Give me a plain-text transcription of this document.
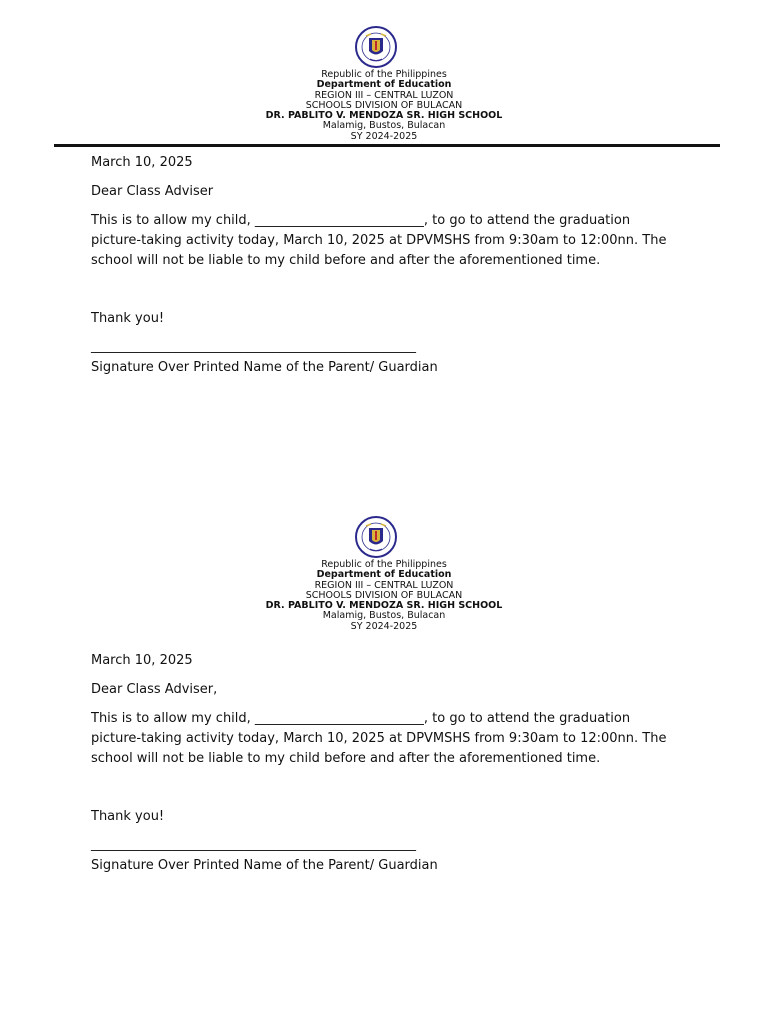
Republic of the Philippines
Department of Education
REGION III – CENTRAL LUZON
SCHOOLS DIVISION OF BULACAN
DR. PABLITO V. MENDOZA SR. HIGH SCHOOL
Malamig, Bustos, Bulacan
SY 2024-2025
March 10, 2025
Dear Class Adviser
This is to allow my child, __________________________, to go to attend the graduation
picture-taking activity today, March 10, 2025 at DPVMSHS from 9:30am to 12:00nn. The
school will not be liable to my child before and after the aforementioned time.
Thank you!
__________________________________________________
Signature Over Printed Name of the Parent/ Guardian
Republic of the Philippines
Department of Education
REGION III – CENTRAL LUZON
SCHOOLS DIVISION OF BULACAN
DR. PABLITO V. MENDOZA SR. HIGH SCHOOL
Malamig, Bustos, Bulacan
SY 2024-2025
March 10, 2025
Dear Class Adviser,
This is to allow my child, __________________________, to go to attend the graduation
picture-taking activity today, March 10, 2025 at DPVMSHS from 9:30am to 12:00nn. The
school will not be liable to my child before and after the aforementioned time.
Thank you!
__________________________________________________
Signature Over Printed Name of the Parent/ Guardian
